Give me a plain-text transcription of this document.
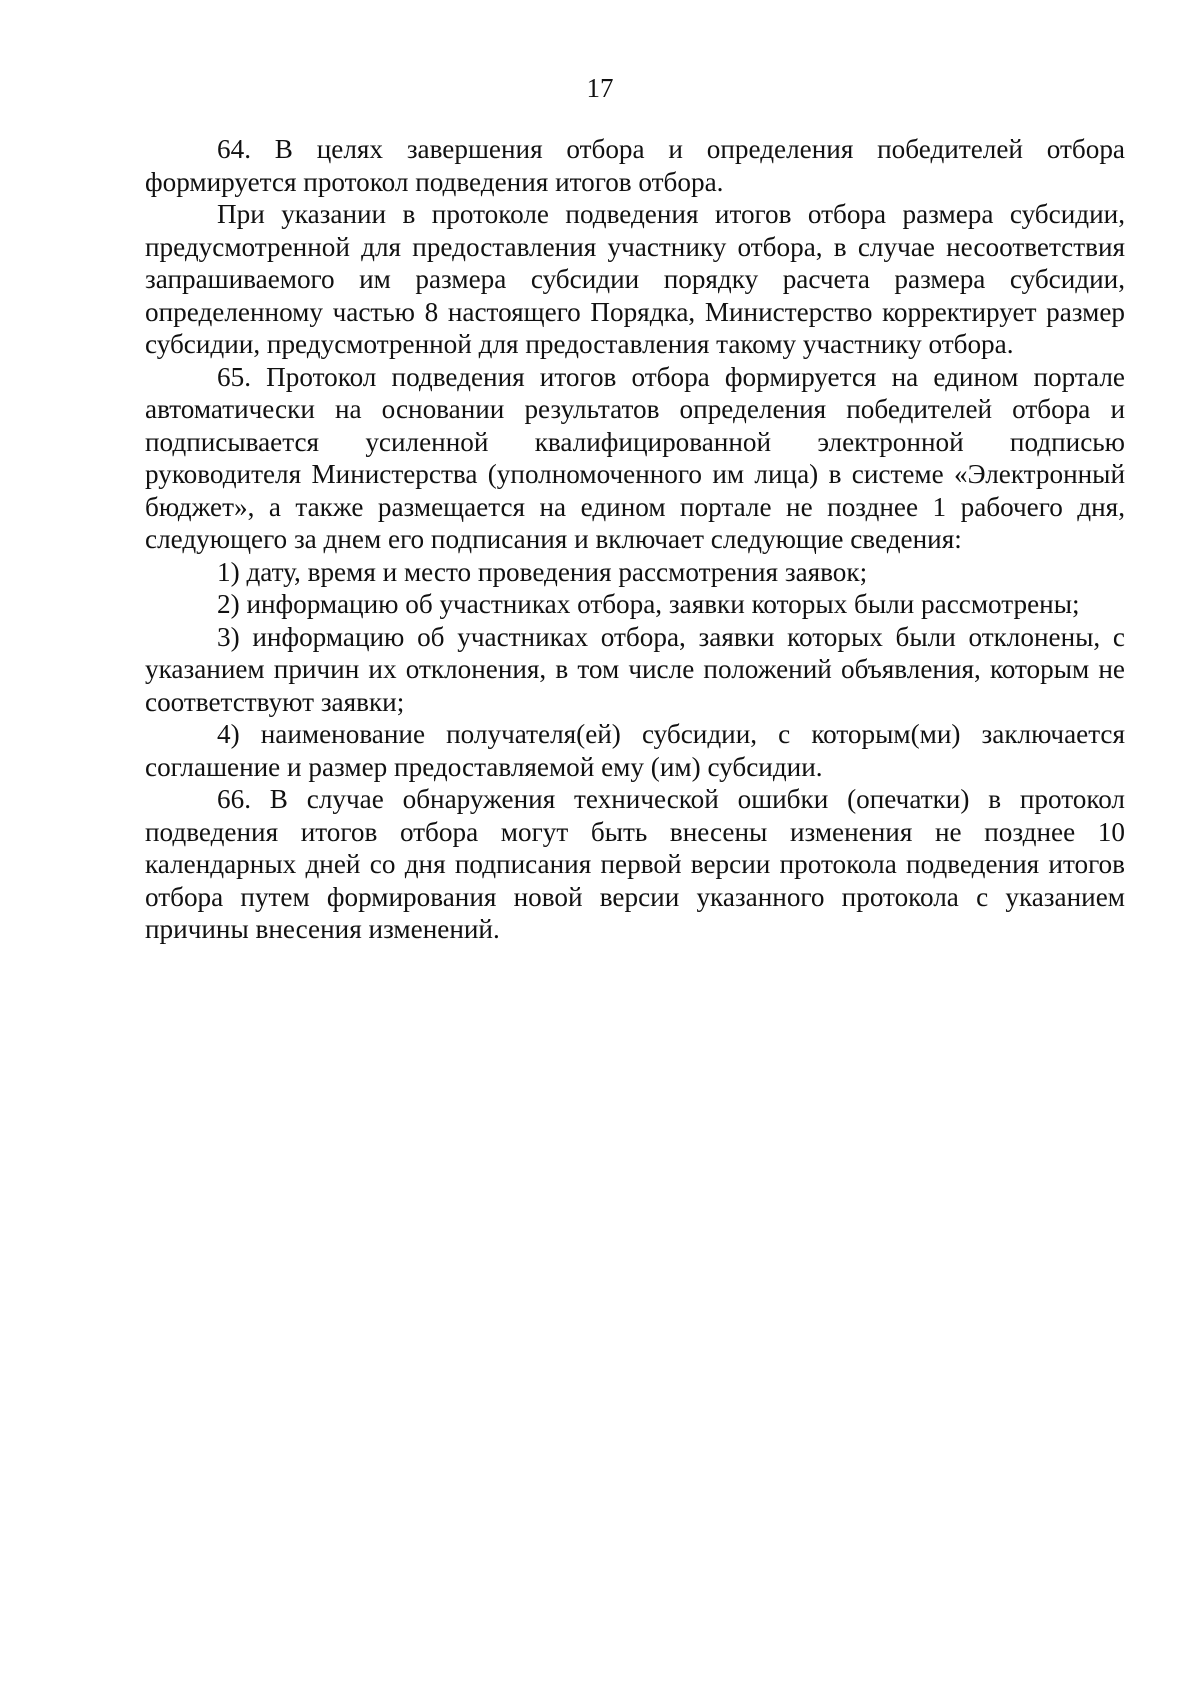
17

64. В целях завершения отбора и определения победителей отбора формируется протокол подведения итогов отбора.

При указании в протоколе подведения итогов отбора размера субсидии, предусмотренной для предоставления участнику отбора, в случае несоответствия запрашиваемого им размера субсидии порядку расчета размера субсидии, определенному частью 8 настоящего Порядка, Министерство корректирует размер субсидии, предусмотренной для предоставления такому участнику отбора.

65. Протокол подведения итогов отбора формируется на едином портале автоматически на основании результатов определения победителей отбора и подписывается усиленной квалифицированной электронной подписью руководителя Министерства (уполномоченного им лица) в системе «Электронный бюджет», а также размещается на едином портале не позднее 1 рабочего дня, следующего за днем его подписания и включает следующие сведения:

1) дату, время и место проведения рассмотрения заявок;

2) информацию об участниках отбора, заявки которых были рассмотрены;

3) информацию об участниках отбора, заявки которых были отклонены, с указанием причин их отклонения, в том числе положений объявления, которым не соответствуют заявки;

4) наименование получателя(ей) субсидии, с которым(ми) заключается соглашение и размер предоставляемой ему (им) субсидии.

66. В случае обнаружения технической ошибки (опечатки) в протокол подведения итогов отбора могут быть внесены изменения не позднее 10 календарных дней со дня подписания первой версии протокола подведения итогов отбора путем формирования новой версии указанного протокола с указанием причины внесения изменений.
